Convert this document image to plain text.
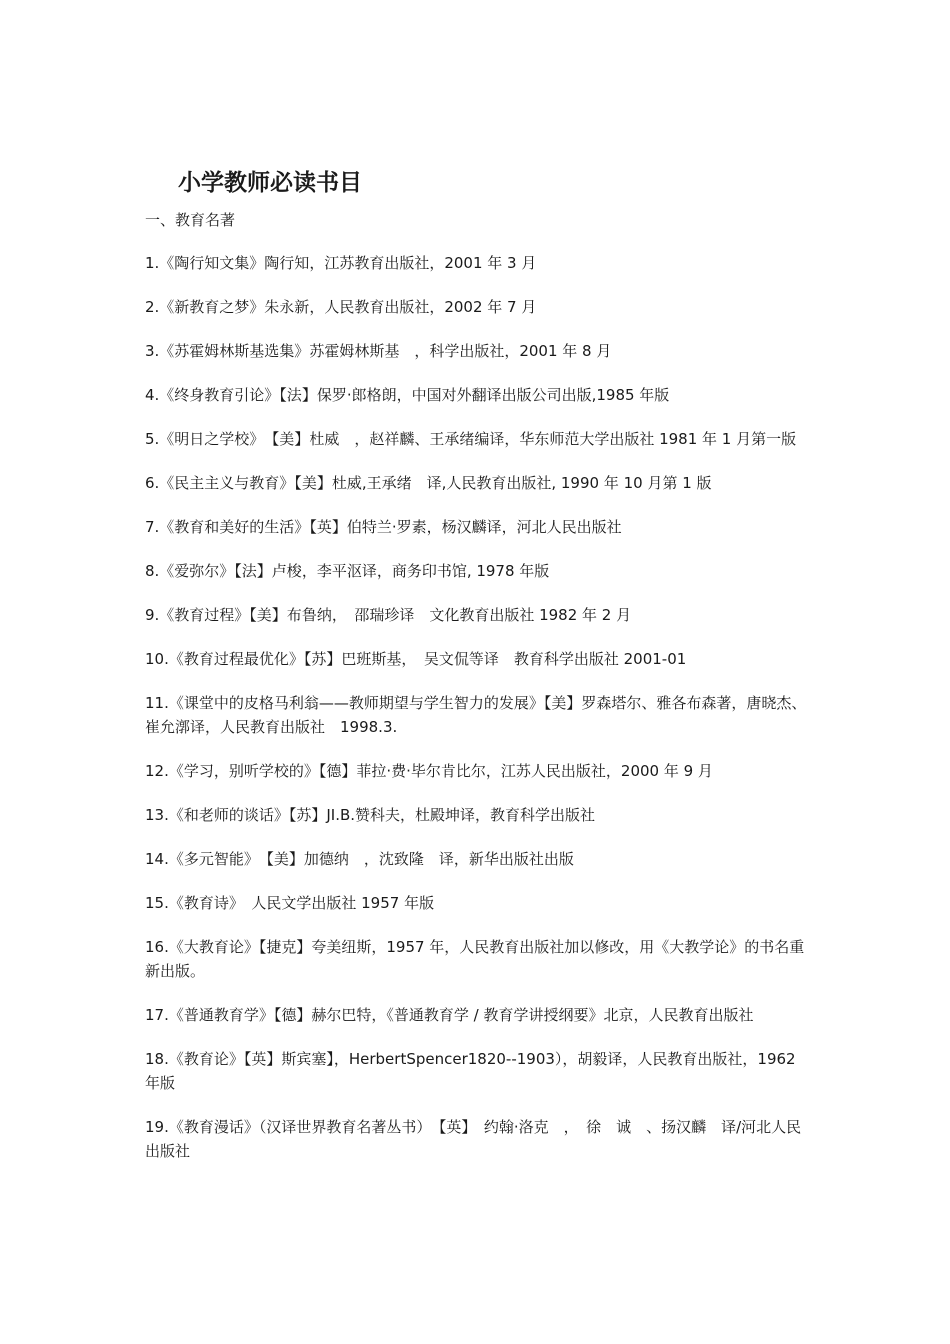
小学教师必读书目

一、教育名著

1.《陶行知文集》陶行知，江苏教育出版社，2001 年 3 月
2.《新教育之梦》朱永新，人民教育出版社，2002 年 7 月
3.《苏霍姆林斯基选集》苏霍姆林斯基　，科学出版社，2001 年 8 月
4.《终身教育引论》【法】保罗·郎格朗，中国对外翻译出版公司出版,1985 年版
5.《明日之学校》　【美】杜威　，赵祥麟、王承绪编译，华东师范大学出版社 1981 年 1 月第一版
6.《民主主义与教育》【美】杜威,王承绪　译,人民教育出版社, 1990 年 10 月第 1 版
7.《教育和美好的生活》【英】伯特兰·罗素，杨汉麟译，河北人民出版社
8.《爱弥尔》【法】卢梭，李平沤译，商务印书馆, 1978 年版
9.《教育过程》【美】布鲁纳，　邵瑞珍译　文化教育出版社 1982 年 2 月
10.《教育过程最优化》【苏】巴班斯基，　吴文侃等译　教育科学出版社 2001-01
11.《课堂中的皮格马利翁——教师期望与学生智力的发展》【美】罗森塔尔、雅各布森著，唐晓杰、崔允漷译，人民教育出版社　1998.3.
12.《学习，别听学校的》【德】菲拉·费·毕尔肯比尔，江苏人民出版社，2000 年 9 月
13.《和老师的谈话》【苏】JI.B.赞科夫，杜殿坤译，教育科学出版社
14.《多元智能》　【美】加德纳　，沈致隆　译，新华出版社出版
15.《教育诗》　人民文学出版社 1957 年版
16.《大教育论》【捷克】夸美纽斯，1957 年，人民教育出版社加以修改，用《大教学论》的书名重新出版。
17.《普通教育学》【德】赫尔巴特，《普通教育学 / 教育学讲授纲要》北京，人民教育出版社
18.《教育论》【英】斯宾塞】，HerbertSpencer1820--1903），胡毅译，人民教育出版社，1962 年版
19.《教育漫话》（汉译世界教育名著丛书）　【英】　约翰·洛克　，　徐　诚　、扬汉麟　译/河北人民出版社
